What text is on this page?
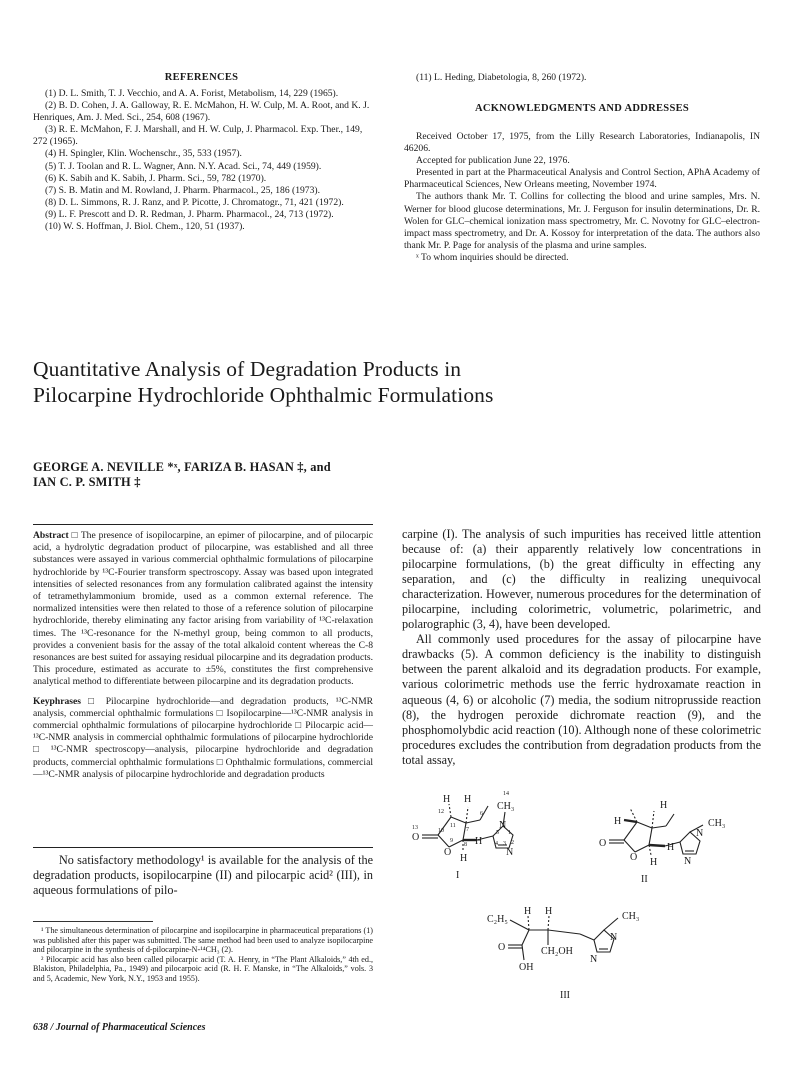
REFERENCES

(1) D. L. Smith, T. J. Vecchio, and A. A. Forist, Metabolism, 14, 229 (1965).

(2) B. D. Cohen, J. A. Galloway, R. E. McMahon, H. W. Culp, M. A. Root, and K. J. Henriques, Am. J. Med. Sci., 254, 608 (1967).

(3) R. E. McMahon, F. J. Marshall, and H. W. Culp, J. Pharmacol. Exp. Ther., 149, 272 (1965).

(4) H. Spingler, Klin. Wochenschr., 35, 533 (1957).

(5) T. J. Toolan and R. L. Wagner, Ann. N.Y. Acad. Sci., 74, 449 (1959).

(6) K. Sabih and K. Sabih, J. Pharm. Sci., 59, 782 (1970).

(7) S. B. Matin and M. Rowland, J. Pharm. Pharmacol., 25, 186 (1973).

(8) D. L. Simmons, R. J. Ranz, and P. Picotte, J. Chromatogr., 71, 421 (1972).

(9) L. F. Prescott and D. R. Redman, J. Pharm. Pharmacol., 24, 713 (1972).

(10) W. S. Hoffman, J. Biol. Chem., 120, 51 (1937).

(11) L. Heding, Diabetologia, 8, 260 (1972).

ACKNOWLEDGMENTS AND ADDRESSES

Received October 17, 1975, from the Lilly Research Laboratories, Indianapolis, IN 46206.

Accepted for publication June 22, 1976.

Presented in part at the Pharmaceutical Analysis and Control Section, APhA Academy of Pharmaceutical Sciences, New Orleans meeting, November 1974.

The authors thank Mr. T. Collins for collecting the blood and urine samples, Mrs. N. Werner for blood glucose determinations, Mr. J. Ferguson for insulin determinations, Dr. R. Wolen for GLC–chemical ionization mass spectrometry, Mr. C. Novotny for GLC–electron-impact mass spectrometry, and Dr. A. Kossoy for interpretation of the data. The authors also thank Mr. P. Page for analysis of the plasma and urine samples.

ˣ To whom inquiries should be directed.

Quantitative Analysis of Degradation Products in
Pilocarpine Hydrochloride Ophthalmic Formulations
GEORGE A. NEVILLE *ˣ, FARIZA B. HASAN ‡, and
IAN C. P. SMITH ‡

Abstract □ The presence of isopilocarpine, an epimer of pilocarpine, and of pilocarpic acid, a hydrolytic degradation product of pilocarpine, was established and all three substances were assayed in various commercial ophthalmic formulations of pilocarpine hydrochloride by ¹³C-Fourier transform spectroscopy. Assay was based upon integrated intensities of selected resonances from any formulation calibrated against the intensity of tetramethylammonium bromide, used as a common external reference. The normalized intensities were then related to those of a reference solution of pilocarpine hydrochloride, thereby eliminating any factor arising from variability of ¹³C-relaxation times. The ¹³C-resonance for the N-methyl group, being common to all products, provides a convenient basis for the assay of the total alkaloid content whereas the C-8 resonances are best suited for assaying residual pilocarpine and its degradation products. This procedure, estimated as accurate to ±5%, constitutes the first comprehensive analytical method to differentiate between pilocarpine and its degradation products.

Keyphrases □ Pilocarpine hydrochloride—and degradation products, ¹³C-NMR analysis, commercial ophthalmic formulations □ Isopilocarpine—¹³C-NMR analysis in commercial ophthalmic formulations of pilocarpine hydrochloride □ Pilocarpic acid—¹³C-NMR analysis in commercial ophthalmic formulations of pilocarpine hydrochloride □ ¹³C-NMR spectroscopy—analysis, pilocarpine hydrochloride and degradation products, commercial ophthalmic formulations □ Ophthalmic formulations, commercial—¹³C-NMR analysis of pilocarpine hydrochloride and degradation products

No satisfactory methodology¹ is available for the analysis of the degradation products, isopilocarpine (II) and pilocarpic acid² (III), in aqueous formulations of pilo-

¹ The simultaneous determination of pilocarpine and isopilocarpine in pharmaceutical preparations (1) was published after this paper was submitted. The same method had been used to analyze isopilocarpine and pilocarpine in the synthesis of d-pilocarpine-N-¹⁴CH₃ (2).

² Pilocarpic acid has also been called pilocarpic acid (T. A. Henry, in “The Plant Alkaloids,” 4th ed., Blakiston, Philadelphia, Pa., 1949) and pilocarpoic acid (R. H. F. Manske, in “The Alkaloids,” vols. 3 and 5, Academic, New York, N.Y., 1953 and 1955).

carpine (I). The analysis of such impurities has received little attention because of: (a) their apparently relatively low concentrations in pilocarpine formulations, (b) the great difficulty in effecting any separation, and (c) the difficulty in realizing unequivocal characterization. However, numerous procedures for the determination of pilocarpine, including colorimetric, volumetric, polarimetric, and polarographic (3, 4), have been developed.

All commonly used procedures for the assay of pilocarpine have drawbacks (5). A common deficiency is the inability to distinguish between the parent alkaloid and its degradation products. For example, various colorimetric methods use the ferric hydroxamate reaction in aqueous (4, 6) or alcoholic (7) media, the sodium nitroprusside reaction (8), the hydrogen peroxide dichromate reaction (9), and the phosphomolybdic acid reaction (10). Although none of these colorimetric procedures excludes the contribution from degradation products from the total assay,

H H
CH₃
O
O
H
H
N
N
I
14
12
11
7
6
13	10
9
8
5 1
4 3 2
H
H	CH₃
O
O
H
H
N
N
II
H H
C₂H₅	CH₃
O	CH₂OH
OH
N
N
III
638 / Journal of Pharmaceutical Sciences
